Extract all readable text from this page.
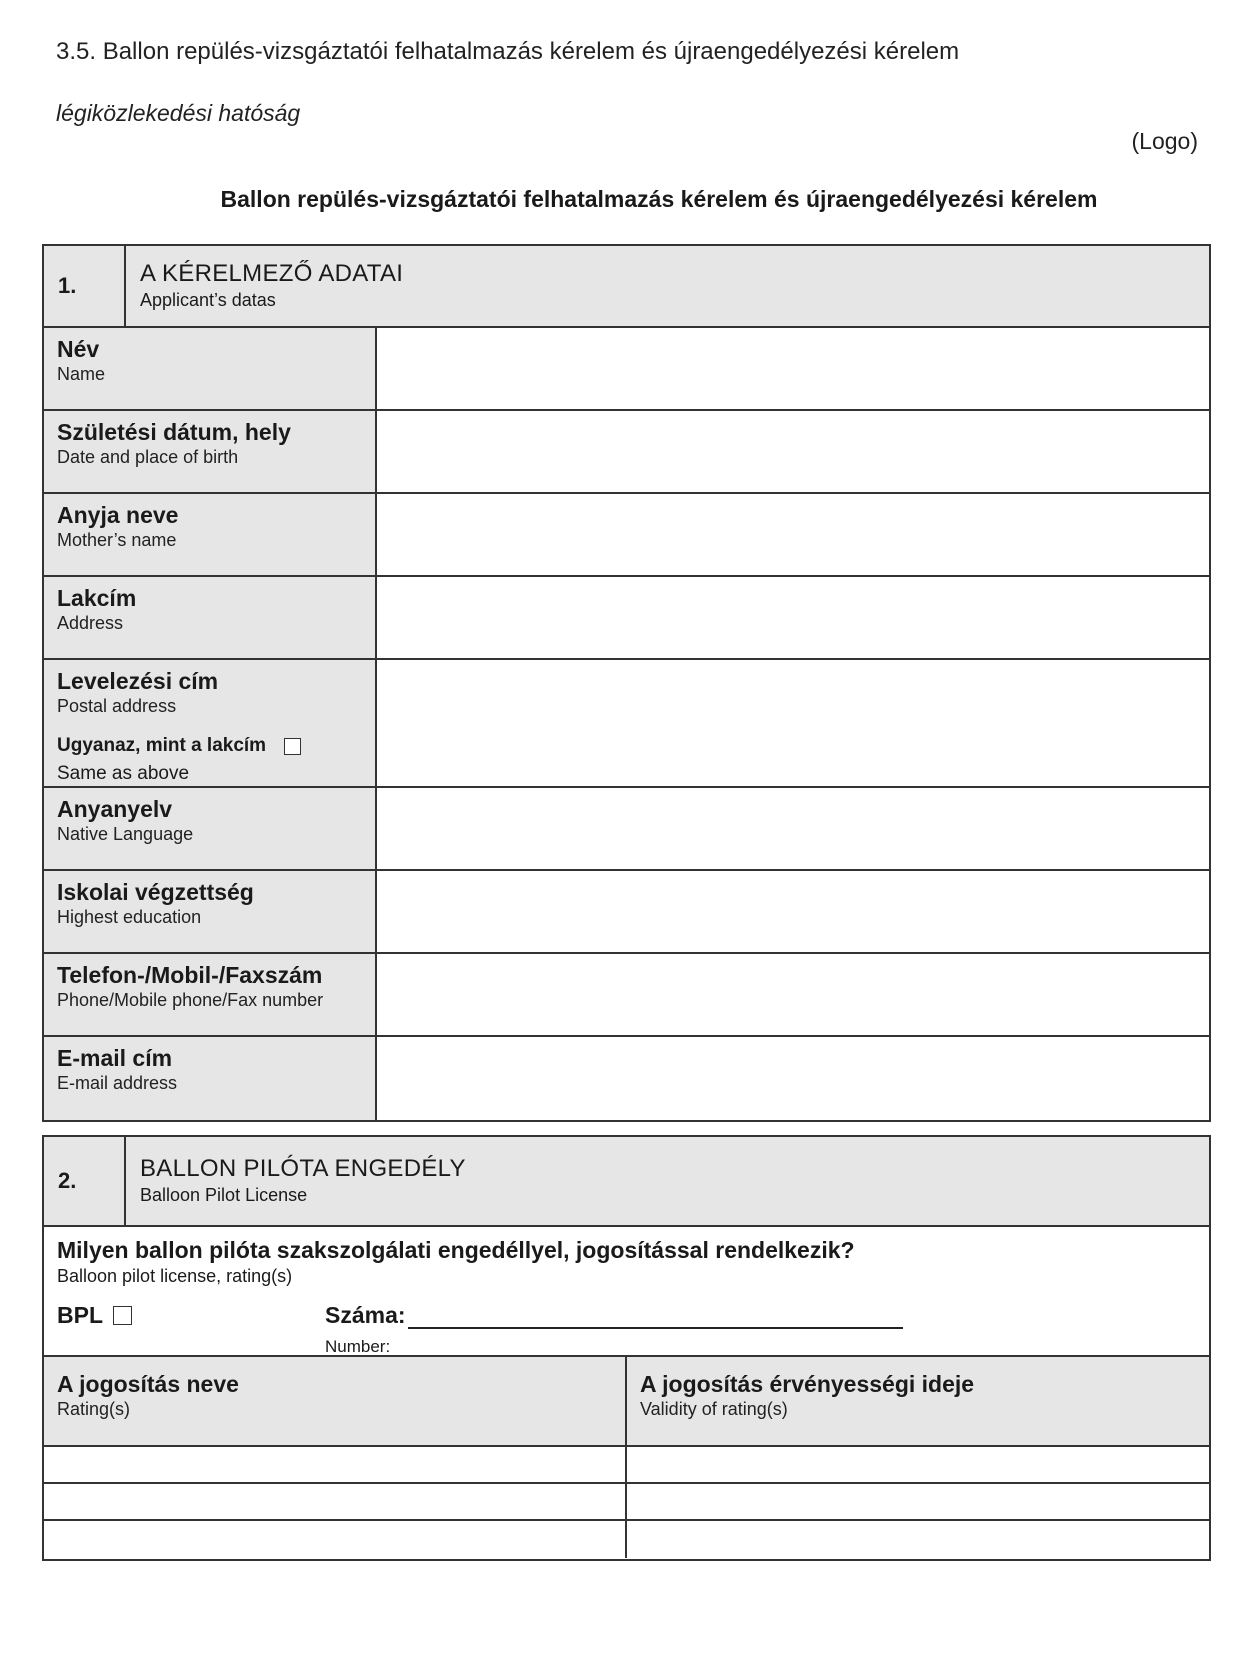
3.5. Ballon repülés-vizsgáztatói felhatalmazás kérelem és újraengedélyezési kérelem
légiközlekedési hatóság
(Logo)
Ballon repülés-vizsgáztatói felhatalmazás kérelem és újraengedélyezési kérelem
1.	A KÉRELMEZŐ ADATAI
Applicant’s datas
Név
Name
Születési dátum, hely
Date and place of birth
Anyja neve
Mother’s name
Lakcím
Address
Levelezési cím
Postal address
Ugyanaz, mint a lakcím
Same as above
Anyanyelv
Native Language
Iskolai végzettség
Highest education
Telefon-/Mobil-/Faxszám
Phone/Mobile phone/Fax number
E-mail cím
E-mail address
2.	BALLON PILÓTA ENGEDÉLY
Balloon Pilot License
Milyen ballon pilóta szakszolgálati engedéllyel, jogosítással rendelkezik?
Balloon pilot license, rating(s)
BPL	Száma:
Number:
A jogosítás neve
Rating(s)
A jogosítás érvényességi ideje
Validity of rating(s)
